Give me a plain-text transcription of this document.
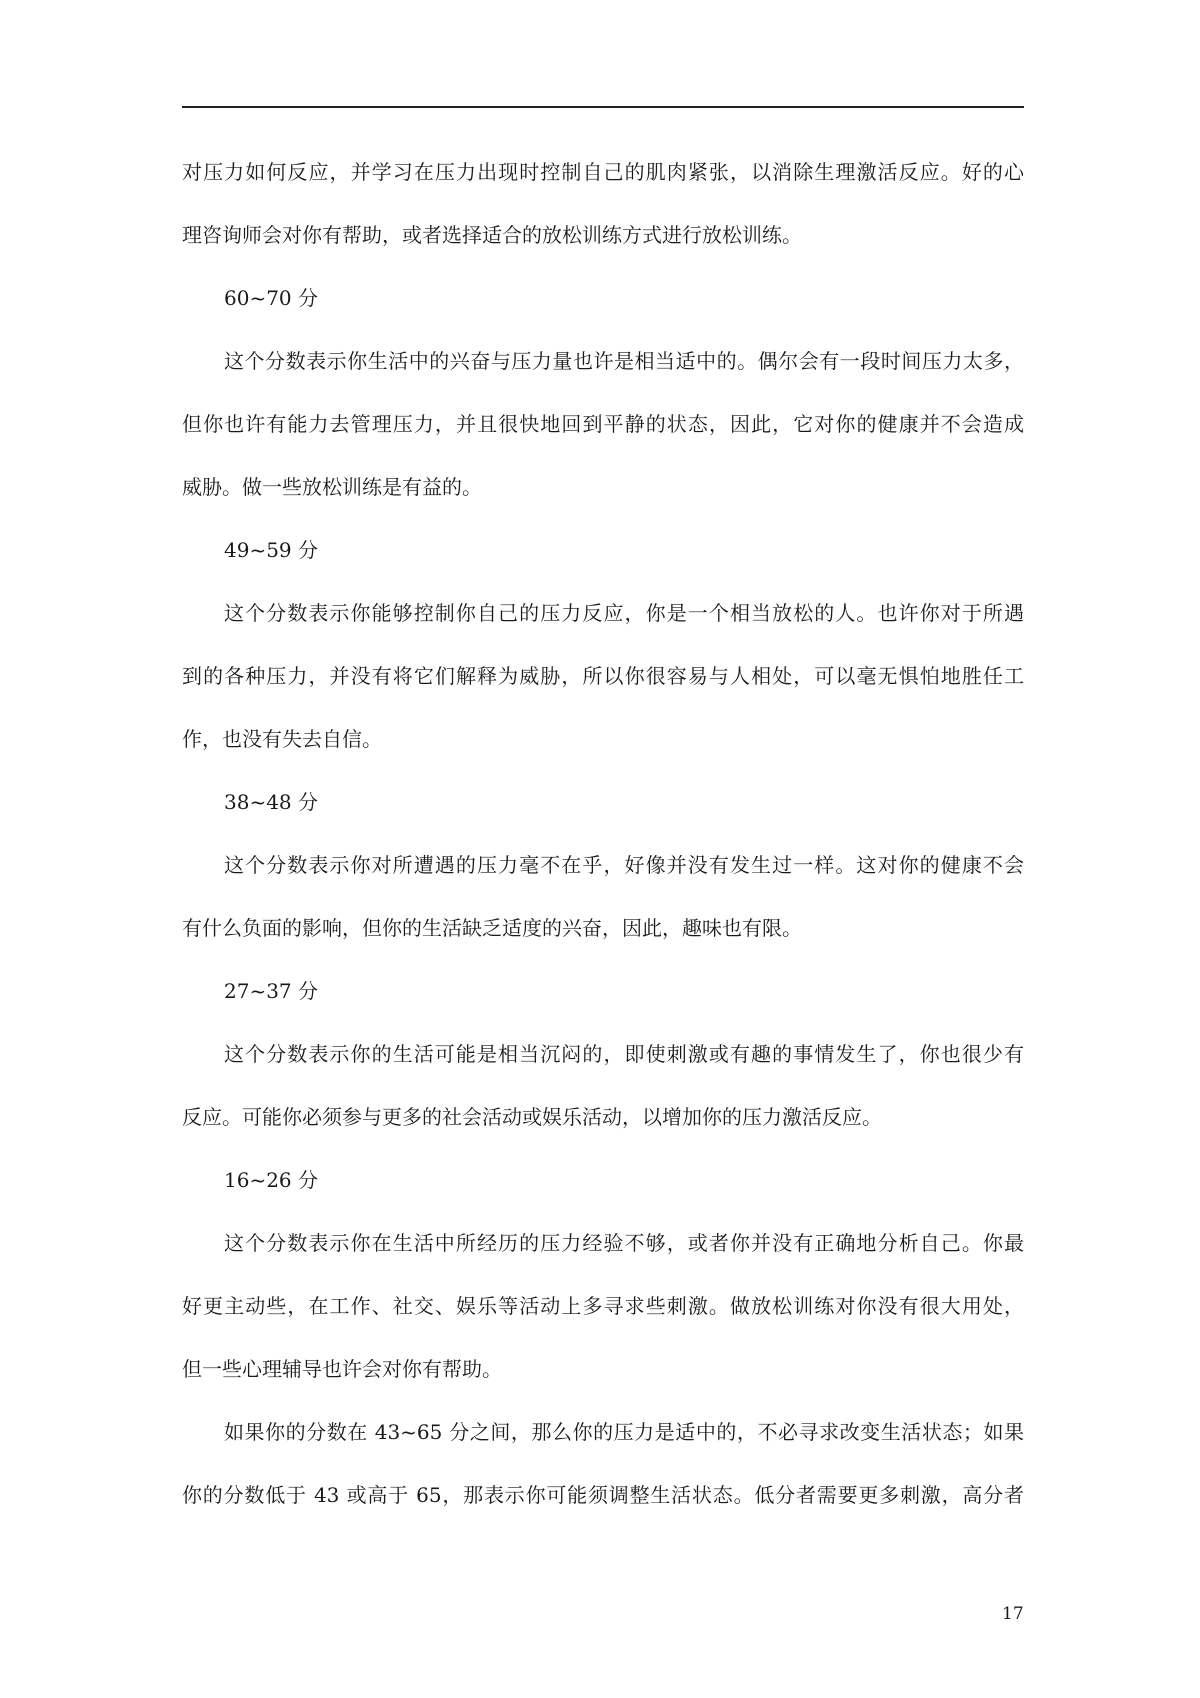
对压力如何反应，并学习在压力出现时控制自己的肌肉紧张，以消除生理激活反应。好的心
理咨询师会对你有帮助，或者选择适合的放松训练方式进行放松训练。
60~70 分
这个分数表示你生活中的兴奋与压力量也许是相当适中的。偶尔会有一段时间压力太多，
但你也许有能力去管理压力，并且很快地回到平静的状态，因此，它对你的健康并不会造成
威胁。做一些放松训练是有益的。
49~59 分
这个分数表示你能够控制你自己的压力反应，你是一个相当放松的人。也许你对于所遇
到的各种压力，并没有将它们解释为威胁，所以你很容易与人相处，可以毫无惧怕地胜任工
作，也没有失去自信。
38~48 分
这个分数表示你对所遭遇的压力毫不在乎，好像并没有发生过一样。这对你的健康不会
有什么负面的影响，但你的生活缺乏适度的兴奋，因此，趣味也有限。
27~37 分
这个分数表示你的生活可能是相当沉闷的，即使刺激或有趣的事情发生了，你也很少有
反应。可能你必须参与更多的社会活动或娱乐活动，以增加你的压力激活反应。
16~26 分
这个分数表示你在生活中所经历的压力经验不够，或者你并没有正确地分析自己。你最
好更主动些，在工作、社交、娱乐等活动上多寻求些刺激。做放松训练对你没有很大用处，
但一些心理辅导也许会对你有帮助。
如果你的分数在 43~65 分之间，那么你的压力是适中的，不必寻求改变生活状态；如果
你的分数低于 43 或高于 65，那表示你可能须调整生活状态。低分者需要更多刺激，高分者
17
